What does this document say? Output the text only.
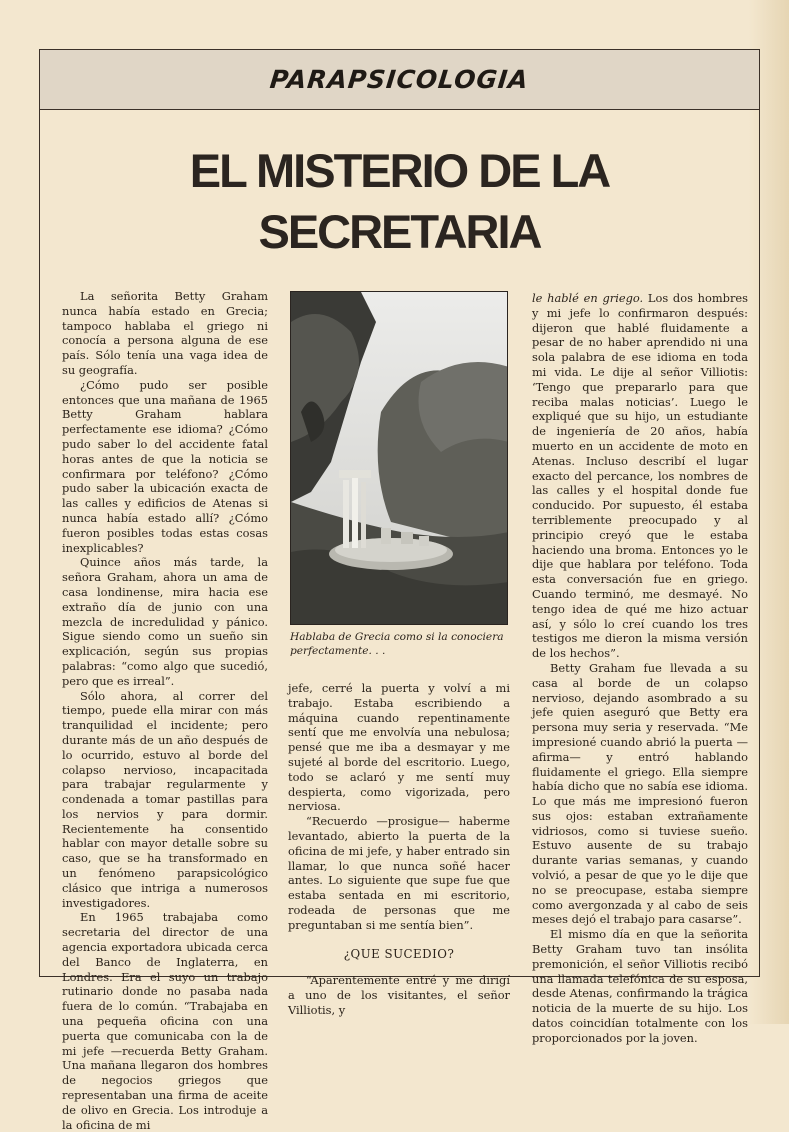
PARAPSICOLOGIA
EL MISTERIO DE LA
SECRETARIA

La señorita Betty Graham nunca había estado en Grecia; tampoco hablaba el griego ni conocía a persona alguna de ese país. Sólo tenía una vaga idea de su geografía.

¿Cómo pudo ser posible entonces que una mañana de 1965 Betty Graham hablara perfectamente ese idioma? ¿Cómo pudo saber lo del accidente fatal horas antes de que la noticia se confirmara por teléfono? ¿Cómo pudo saber la ubicación exacta de las calles y edificios de Atenas si nunca había estado allí? ¿Cómo fueron posibles todas estas cosas inexplicables?

Quince años más tarde, la señora Graham, ahora un ama de casa londinense, mira hacia ese extraño día de junio con una mezcla de incredulidad y pánico. Sigue siendo como un sueño sin explicación, según sus propias palabras: “como algo que sucedió, pero que es irreal”.

Sólo ahora, al correr del tiempo, puede ella mirar con más tranquilidad el incidente; pero durante más de un año después de lo ocurrido, estuvo al borde del colapso nervioso, incapacitada para trabajar regularmente y condenada a tomar pastillas para los nervios y para dormir. Recientemente ha consentido hablar con mayor detalle sobre su caso, que se ha transformado en un fenómeno parapsicológico clásico que intriga a numerosos investigadores.

En 1965 trabajaba como secretaria del director de una agencia exportadora ubicada cerca del Banco de Inglaterra, en Londres. Era el suyo un trabajo rutinario donde no pasaba nada fuera de lo común. “Trabajaba en una pequeña oficina con una puerta que comunicaba con la de mi jefe —recuerda Betty Graham. Una mañana llegaron dos hombres de negocios griegos que representaban una firma de aceite de olivo en Grecia. Los introduje a la oficina de mi

Hablaba de Grecia como si la conociera perfectamente. . .

jefe, cerré la puerta y volví a mi trabajo. Estaba escribiendo a máquina cuando repentinamente sentí que me envolvía una nebulosa; pensé que me iba a desmayar y me sujeté al borde del escritorio. Luego, todo se aclaró y me sentí muy despierta, como vigorizada, pero nerviosa.

“Recuerdo —prosigue— haberme levantado, abierto la puerta de la oficina de mi jefe, y haber entrado sin llamar, lo que nunca soñé hacer antes. Lo siguiente que supe fue que estaba sentada en mi escritorio, rodeada de personas que me preguntaban si me sentía bien”.

¿QUE SUCEDIO?

“Aparentemente entré y me dirigí a uno de los visitantes, el señor Villiotis, y

le hablé en griego. Los dos hombres y mi jefe lo confirmaron después: dijeron que hablé fluidamente a pesar de no haber aprendido ni una sola palabra de ese idioma en toda mi vida. Le dije al señor Villiotis: ‘Tengo que prepararlo para que reciba malas noticias’. Luego le expliqué que su hijo, un estudiante de ingeniería de 20 años, había muerto en un accidente de moto en Atenas. Incluso describí el lugar exacto del percance, los nombres de las calles y el hospital donde fue conducido. Por supuesto, él estaba terriblemente preocupado y al principio creyó que le estaba haciendo una broma. Entonces yo le dije que hablara por teléfono. Toda esta conversación fue en griego. Cuando terminó, me desmayé. No tengo idea de qué me hizo actuar así, y sólo lo creí cuando los tres testigos me dieron la misma versión de los hechos”.

Betty Graham fue llevada a su casa al borde de un colapso nervioso, dejando asombrado a su jefe quien aseguró que Betty era persona muy seria y reservada. “Me impresioné cuando abrió la puerta —afirma— y entró hablando fluidamente el griego. Ella siempre había dicho que no sabía ese idioma. Lo que más me impresionó fueron sus ojos: estaban extrañamente vidriosos, como si tuviese sueño. Estuvo ausente de su trabajo durante varias semanas, y cuando volvió, a pesar de que yo le dije que no se preocupase, estaba siempre como avergonzada y al cabo de seis meses dejó el trabajo para casarse”.

El mismo día en que la señorita Betty Graham tuvo tan insólita premonición, el señor Villiotis recibó una llamada telefónica de su esposa, desde Atenas, confirmando la trágica noticia de la muerte de su hijo. Los datos coincidían totalmente con los proporcionados por la joven.
